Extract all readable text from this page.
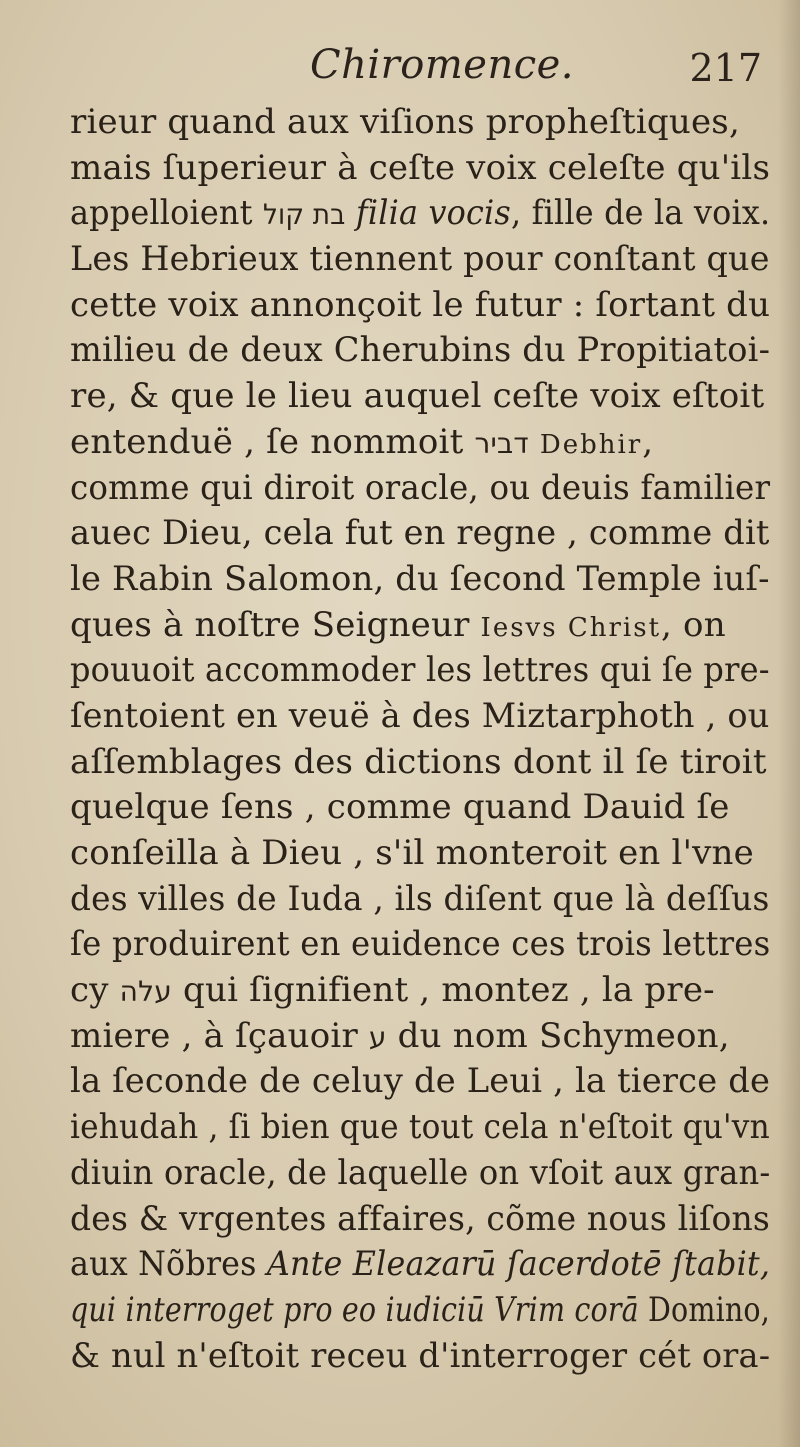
Chiromence.	217
rieur quand aux viſions propheſtiques,
mais ſuperieur à ceſte voix celeſte qu'ils
appelloient בת קול filia vocis, fille de la voix.
Les Hebrieux tiennent pour conſtant que
cette voix annonçoit le futur : ſortant du
milieu de deux Cherubins du Propitiatoi-
re, & que le lieu auquel ceſte voix eſtoit
entenduë , ſe nommoit דביר Debhir,
comme qui diroit oracle, ou deuis familier
auec Dieu, cela fut en regne , comme dit
le Rabin Salomon, du ſecond Temple iuſ-
ques à noſtre Seigneur Iesvs Christ, on
pouuoit accommoder les lettres qui ſe pre-
ſentoient en veuë à des Miztarphoth , ou
aſſemblages des dictions dont il ſe tiroit
quelque ſens , comme quand Dauid ſe
conſeilla à Dieu , s'il monteroit en l'vne
des villes de Iuda , ils diſent que là deſſus
ſe produirent en euidence ces trois lettres
cy עלה qui ſignifient , montez , la pre-
miere , à ſçauoir ע du nom Schymeon,
la ſeconde de celuy de Leui , la tierce de
iehudah , ſi bien que tout cela n'eſtoit qu'vn
diuin oracle, de laquelle on vſoit aux gran-
des & vrgentes affaires, cõme nous liſons
aux Nõbres Ante Eleazarū ſacerdotē ſtabit,
qui interroget pro eo iudiciū Vrim corā Domino,
& nul n'eſtoit receu d'interroger cét ora-
